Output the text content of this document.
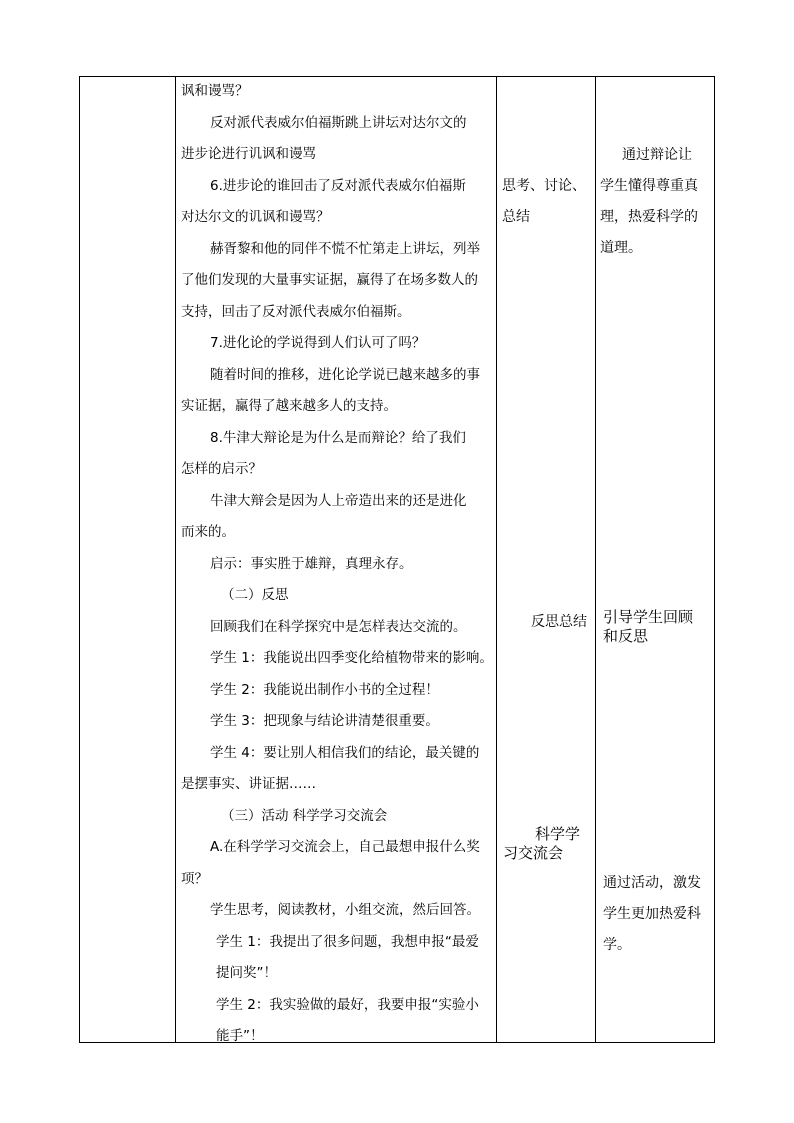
讽和谩骂？
反对派代表威尔伯福斯跳上讲坛对达尔文的
进步论进行讥讽和谩骂
6.进步论的谁回击了反对派代表威尔伯福斯
对达尔文的讥讽和谩骂？
赫胥黎和他的同伴不慌不忙第走上讲坛，列举
了他们发现的大量事实证据，赢得了在场多数人的
支持，回击了反对派代表威尔伯福斯。
7.进化论的学说得到人们认可了吗？
随着时间的推移，进化论学说已越来越多的事
实证据，赢得了越来越多人的支持。
8.牛津大辩论是为什么是而辩论？给了我们
怎样的启示？
牛津大辩会是因为人上帝造出来的还是进化
而来的。
启示：事实胜于雄辩，真理永存。
（二）反思
回顾我们在科学探究中是怎样表达交流的。
学生 1：我能说出四季变化给植物带来的影响。
学生 2：我能说出制作小书的全过程！
学生 3：把现象与结论讲清楚很重要。
学生 4：要让别人相信我们的结论，最关键的
是摆事实、讲证据……
（三）活动 科学学习交流会
A.在科学学习交流会上，自己最想申报什么奖
项？
学生思考，阅读教材，小组交流，然后回答。
学生 1：我提出了很多问题，我想申报“最爱
提问奖”！
学生 2：我实验做的最好，我要申报“实验小
能手”！
思考、讨论、
总结
反思总结
科学学
习交流会
通过辩论让
学生懂得尊重真
理，热爱科学的
道理。
引导学生回顾
和反思
通过活动，激发
学生更加热爱科
学。
